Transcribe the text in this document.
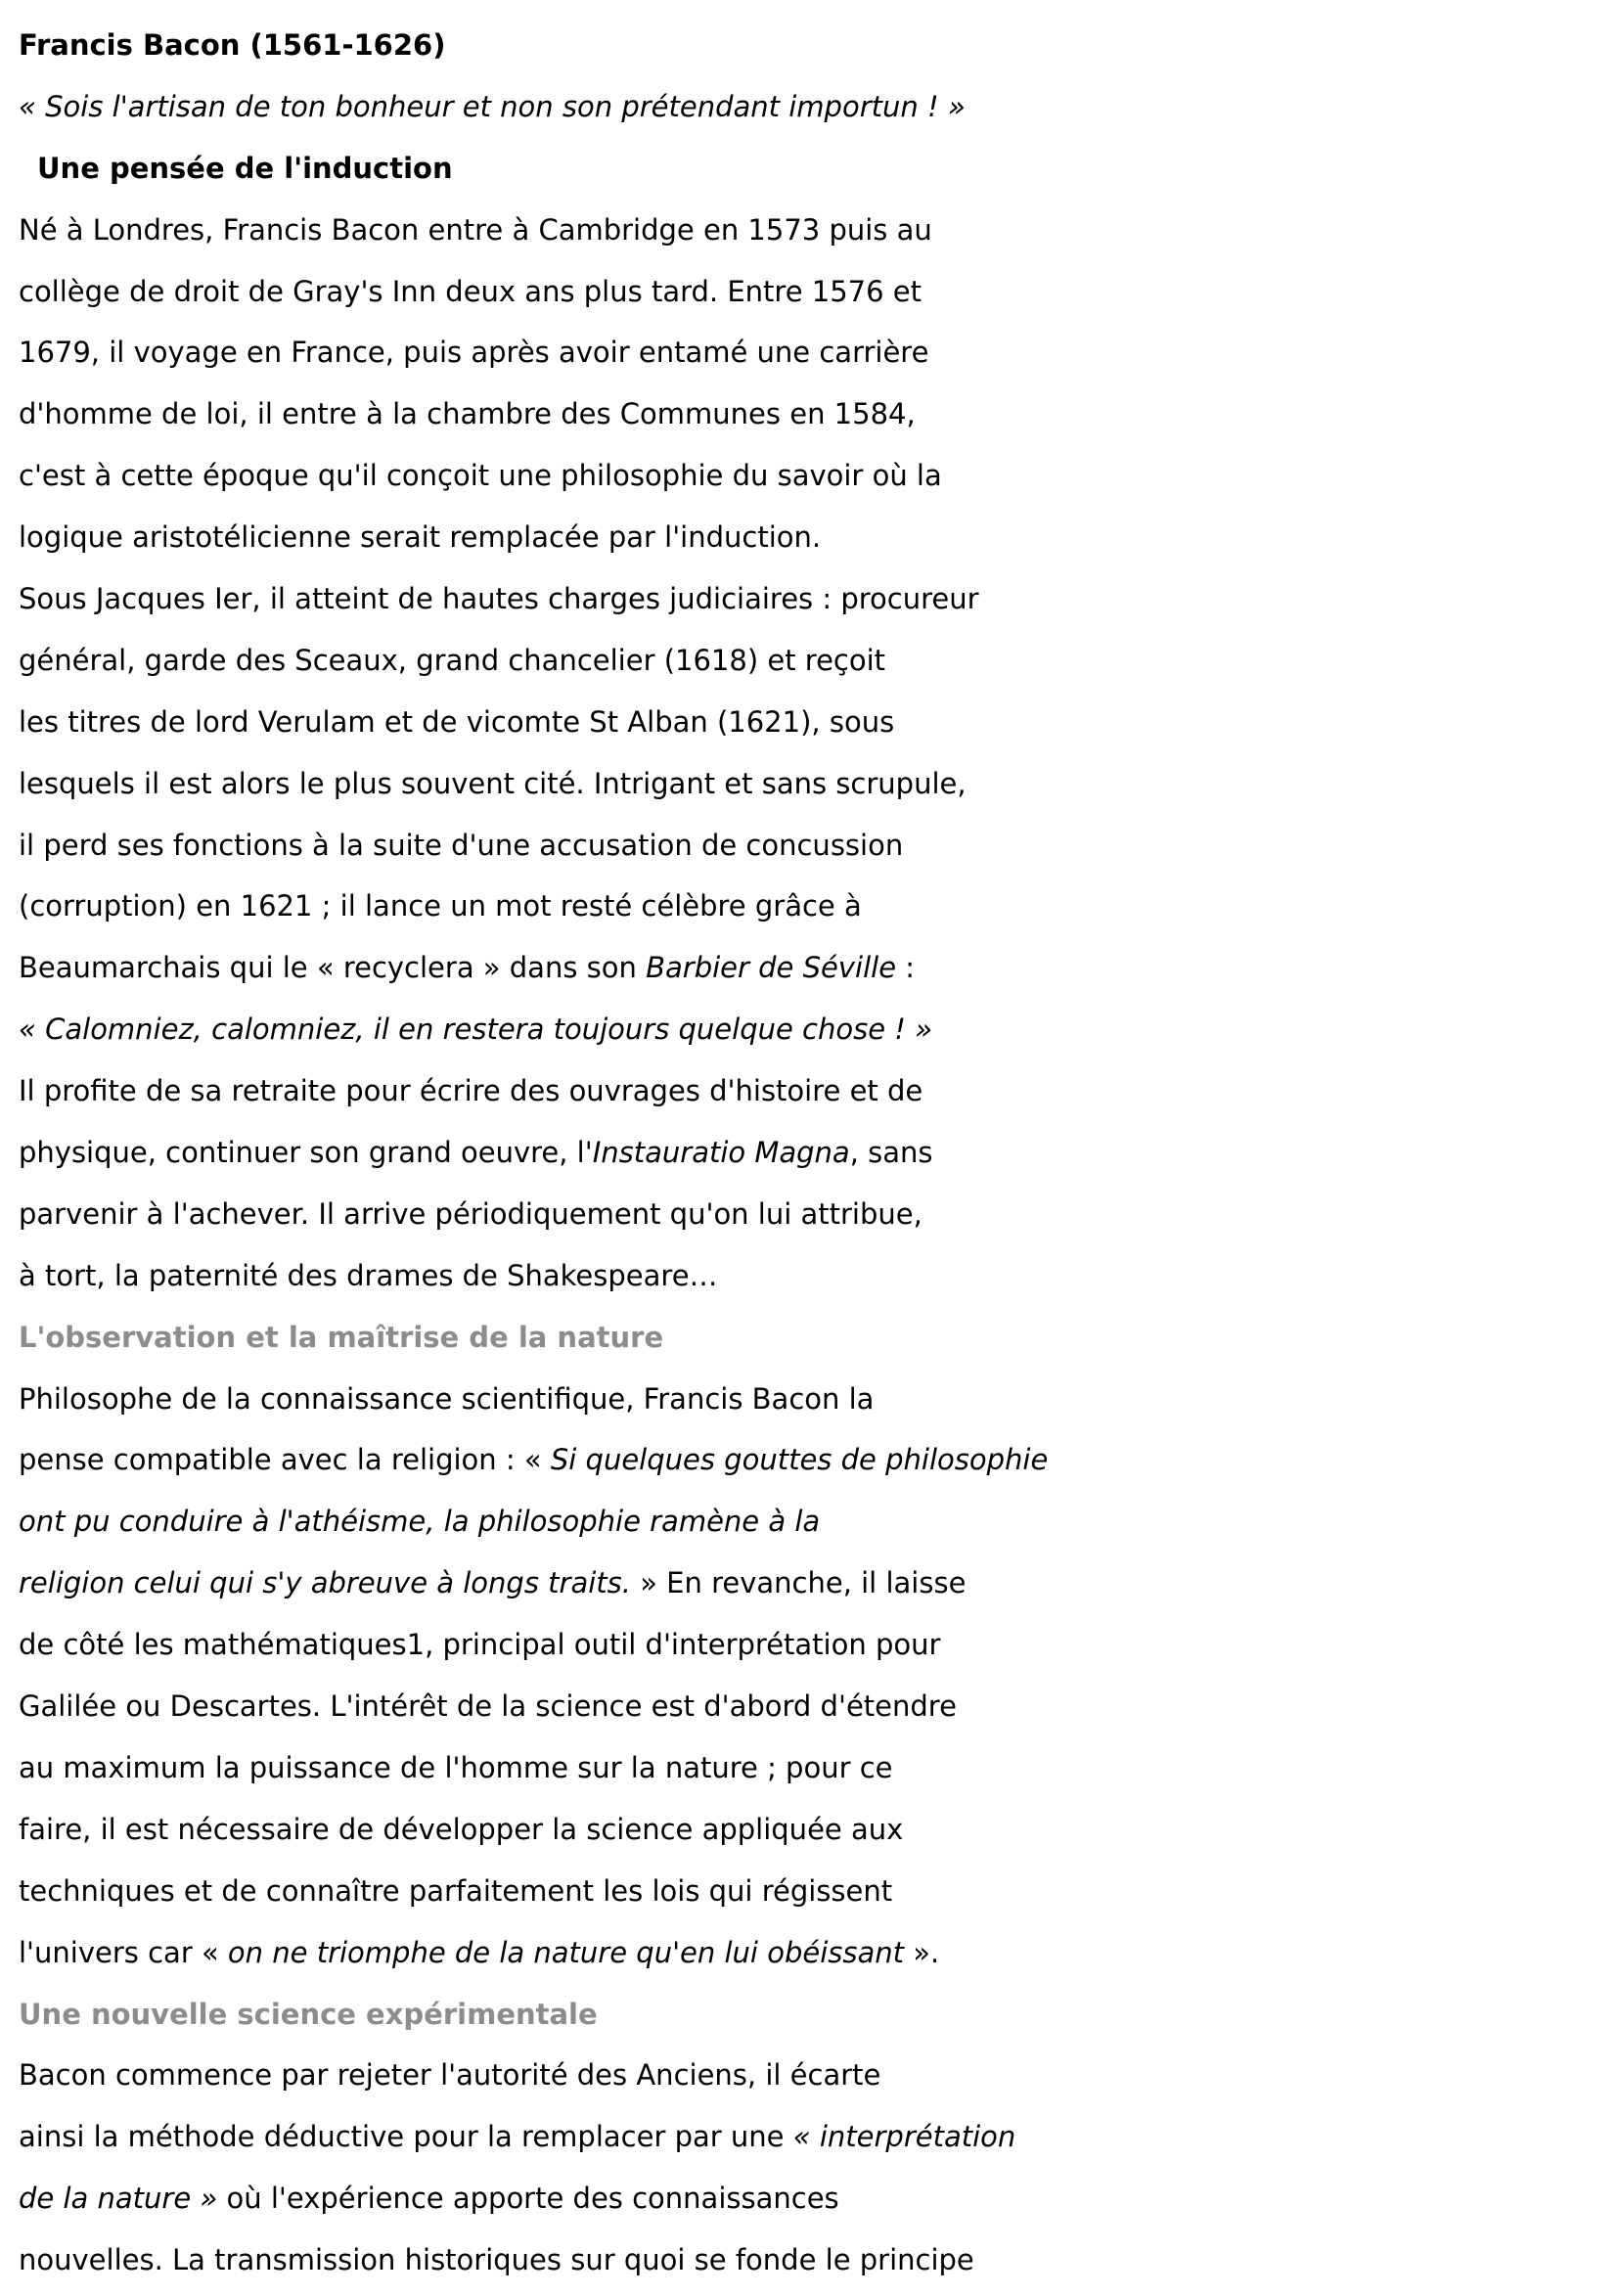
Francis Bacon (1561-1626)
« Sois l'artisan de ton bonheur et non son prétendant importun ! »
Une pensée de l'induction
Né à Londres, Francis Bacon entre à Cambridge en 1573 puis au
collège de droit de Gray's Inn deux ans plus tard. Entre 1576 et
1679, il voyage en France, puis après avoir entamé une carrière
d'homme de loi, il entre à la chambre des Communes en 1584,
c'est à cette époque qu'il conçoit une philosophie du savoir où la
logique aristotélicienne serait remplacée par l'induction.
Sous Jacques Ier, il atteint de hautes charges judiciaires : procureur
général, garde des Sceaux, grand chancelier (1618) et reçoit
les titres de lord Verulam et de vicomte St Alban (1621), sous
lesquels il est alors le plus souvent cité. Intrigant et sans scrupule,
il perd ses fonctions à la suite d'une accusation de concussion
(corruption) en 1621 ; il lance un mot resté célèbre grâce à
Beaumarchais qui le « recyclera » dans son Barbier de Séville :
« Calomniez, calomniez, il en restera toujours quelque chose ! »
Il profite de sa retraite pour écrire des ouvrages d'histoire et de
physique, continuer son grand oeuvre, l'Instauratio Magna, sans
parvenir à l'achever. Il arrive périodiquement qu'on lui attribue,
à tort, la paternité des drames de Shakespeare…
L'observation et la maîtrise de la nature
Philosophe de la connaissance scientifique, Francis Bacon la
pense compatible avec la religion : « Si quelques gouttes de philosophie
ont pu conduire à l'athéisme, la philosophie ramène à la
religion celui qui s'y abreuve à longs traits. » En revanche, il laisse
de côté les mathématiques1, principal outil d'interprétation pour
Galilée ou Descartes. L'intérêt de la science est d'abord d'étendre
au maximum la puissance de l'homme sur la nature ; pour ce
faire, il est nécessaire de développer la science appliquée aux
techniques et de connaître parfaitement les lois qui régissent
l'univers car « on ne triomphe de la nature qu'en lui obéissant ».
Une nouvelle science expérimentale
Bacon commence par rejeter l'autorité des Anciens, il écarte
ainsi la méthode déductive pour la remplacer par une « interprétation
de la nature » où l'expérience apporte des connaissances
nouvelles. La transmission historiques sur quoi se fonde le principe
